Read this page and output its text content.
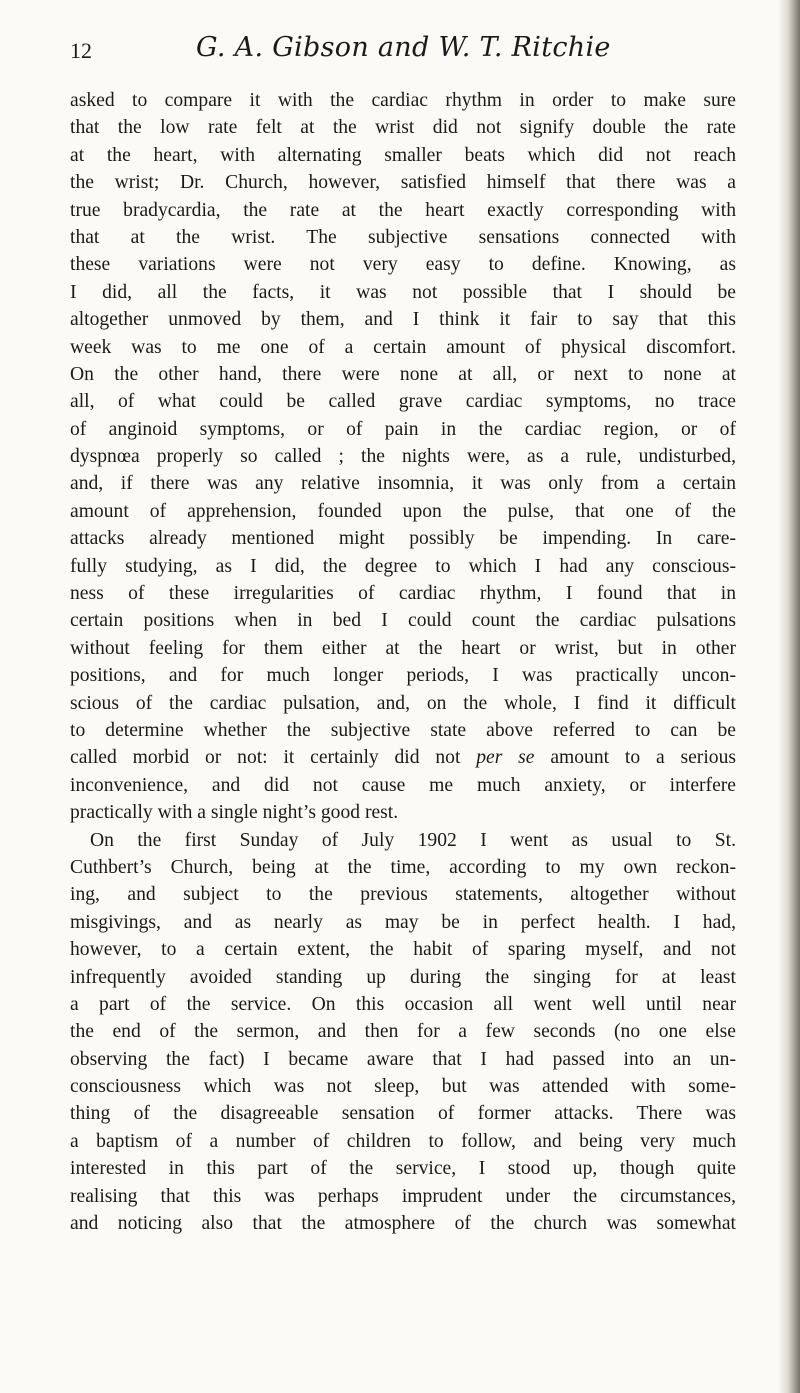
12	G. A. Gibson and W. T. Ritchie
asked to compare it with the cardiac rhythm in order to make sure
that the low rate felt at the wrist did not signify double the rate
at the heart, with alternating smaller beats which did not reach
the wrist; Dr. Church, however, satisfied himself that there was a
true bradycardia, the rate at the heart exactly corresponding with
that at the wrist. The subjective sensations connected with
these variations were not very easy to define. Knowing, as
I did, all the facts, it was not possible that I should be
altogether unmoved by them, and I think it fair to say that this
week was to me one of a certain amount of physical discomfort.
On the other hand, there were none at all, or next to none at
all, of what could be called grave cardiac symptoms, no trace
of anginoid symptoms, or of pain in the cardiac region, or of
dyspnœa properly so called ; the nights were, as a rule, undisturbed,
and, if there was any relative insomnia, it was only from a certain
amount of apprehension, founded upon the pulse, that one of the
attacks already mentioned might possibly be impending. In care-
fully studying, as I did, the degree to which I had any conscious-
ness of these irregularities of cardiac rhythm, I found that in
certain positions when in bed I could count the cardiac pulsations
without feeling for them either at the heart or wrist, but in other
positions, and for much longer periods, I was practically uncon-
scious of the cardiac pulsation, and, on the whole, I find it difficult
to determine whether the subjective state above referred to can be
called morbid or not: it certainly did not per se amount to a serious
inconvenience, and did not cause me much anxiety, or interfere
practically with a single night’s good rest.
On the first Sunday of July 1902 I went as usual to St.
Cuthbert’s Church, being at the time, according to my own reckon-
ing, and subject to the previous statements, altogether without
misgivings, and as nearly as may be in perfect health. I had,
however, to a certain extent, the habit of sparing myself, and not
infrequently avoided standing up during the singing for at least
a part of the service. On this occasion all went well until near
the end of the sermon, and then for a few seconds (no one else
observing the fact) I became aware that I had passed into an un-
consciousness which was not sleep, but was attended with some-
thing of the disagreeable sensation of former attacks. There was
a baptism of a number of children to follow, and being very much
interested in this part of the service, I stood up, though quite
realising that this was perhaps imprudent under the circumstances,
and noticing also that the atmosphere of the church was somewhat
